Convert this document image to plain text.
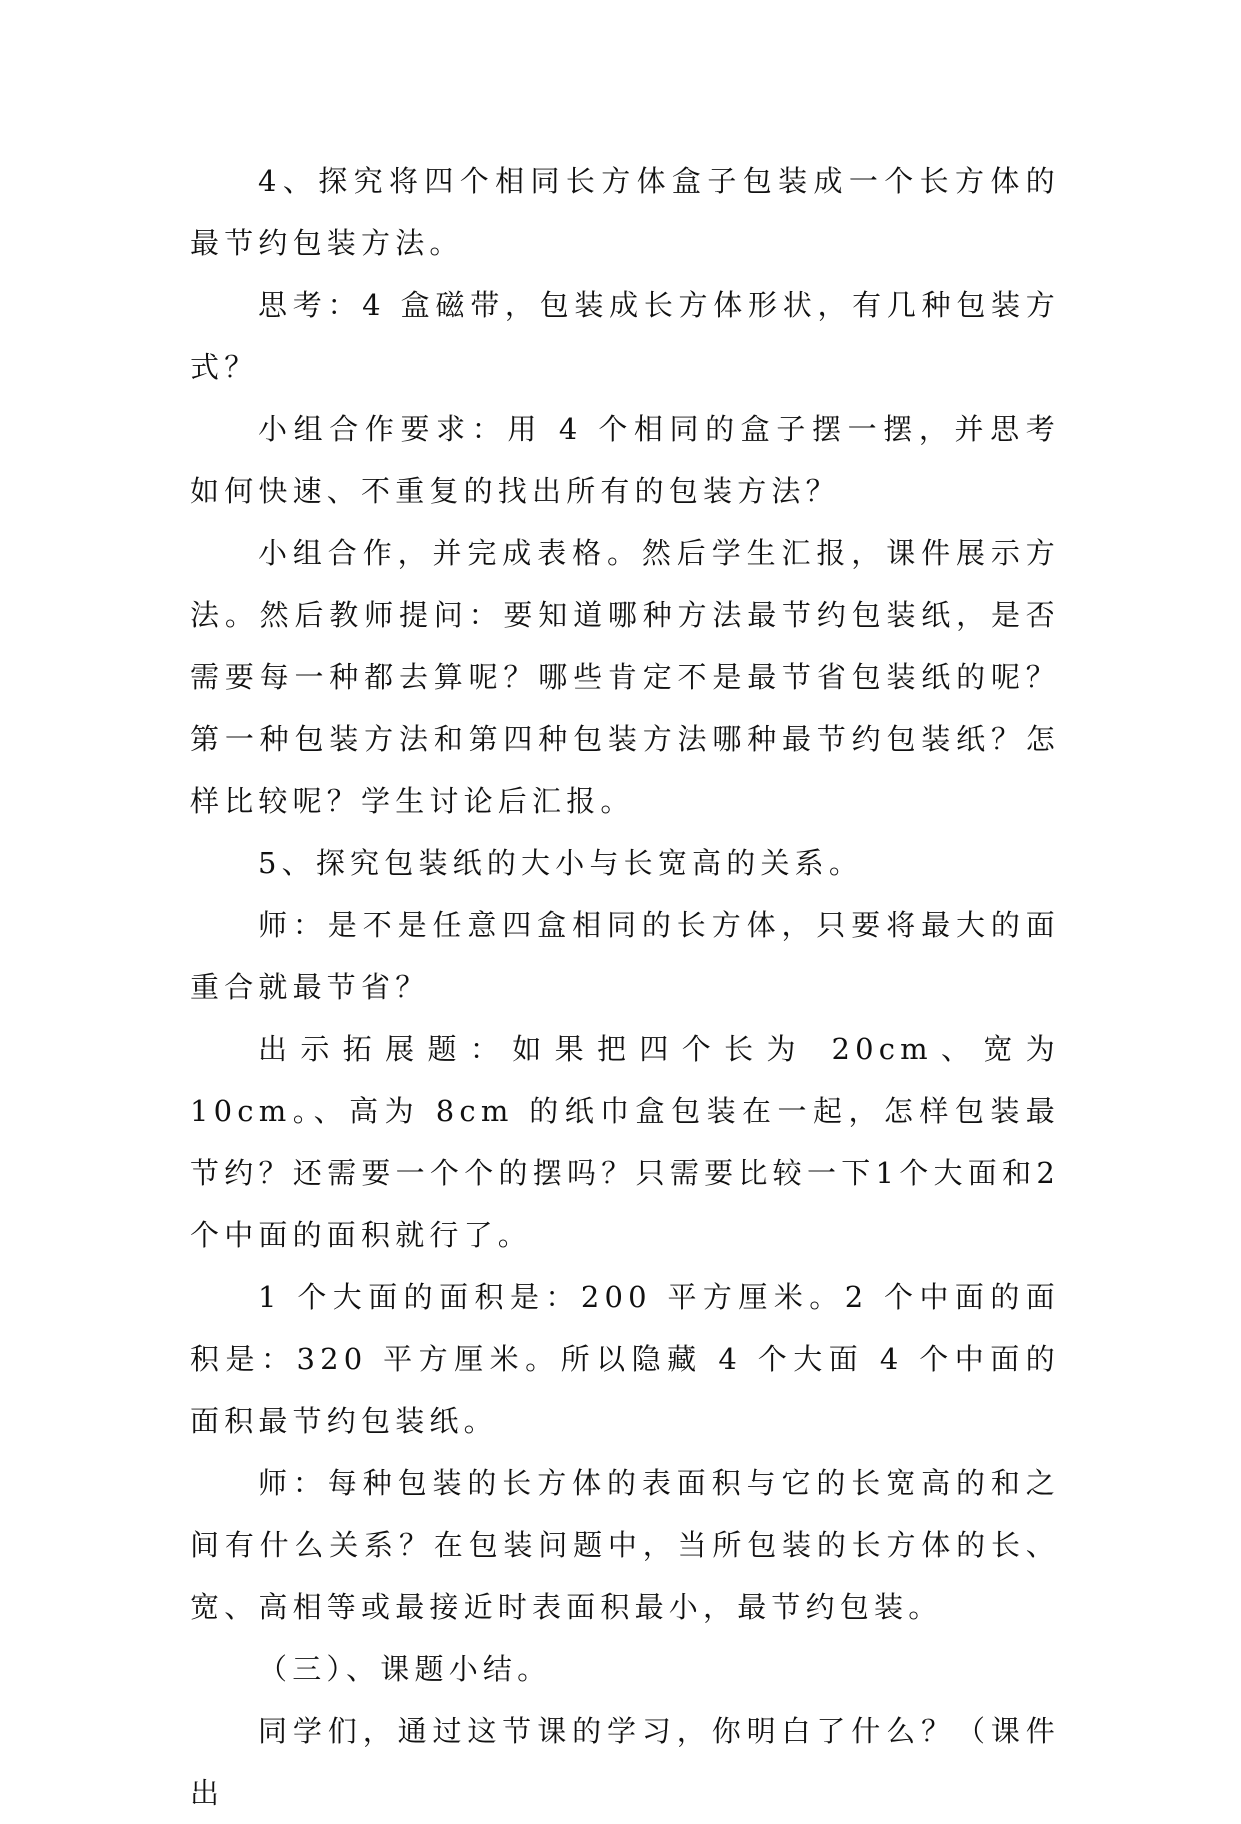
4、探究将四个相同长方体盒子包装成一个长方体的最节约包装方法。

思考：4 盒磁带，包装成长方体形状，有几种包装方式？

小组合作要求：用 4 个相同的盒子摆一摆，并思考如何快速、不重复的找出所有的包装方法？

小组合作，并完成表格。然后学生汇报，课件展示方法。然后教师提问：要知道哪种方法最节约包装纸，是否需要每一种都去算呢？哪些肯定不是最节省包装纸的呢？第一种包装方法和第四种包装方法哪种最节约包装纸？怎样比较呢？学生讨论后汇报。

5、探究包装纸的大小与长宽高的关系。

师：是不是任意四盒相同的长方体，只要将最大的面重合就最节省？

出示拓展题：如果把四个长为 20cm、宽为 10cm。、高为 8cm 的纸巾盒包装在一起，怎样包装最节约？还需要一个个的摆吗？只需要比较一下1个大面和2个中面的面积就行了。

1 个大面的面积是：200 平方厘米。2 个中面的面积是：320 平方厘米。所以隐藏 4 个大面 4 个中面的面积最节约包装纸。

师：每种包装的长方体的表面积与它的长宽高的和之间有什么关系？在包装问题中，当所包装的长方体的长、宽、高相等或最接近时表面积最小，最节约包装。

（三）、课题小结。

同学们，通过这节课的学习，你明白了什么？（课件出
